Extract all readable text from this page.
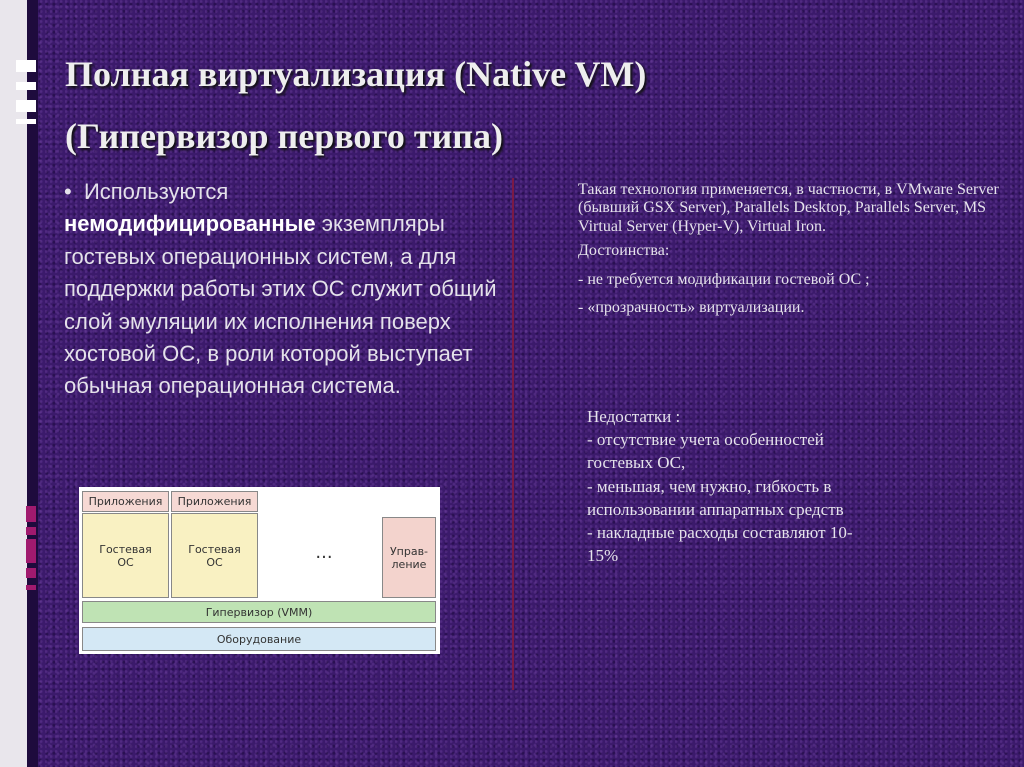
Полная виртуализация (Native VM)
(Гипервизор первого типа)
• Используются
немодифицированные экземпляры гостевых операционных систем, а для поддержки работы этих ОС служит общий слой эмуляции их исполнения поверх хостовой ОС, в роли которой выступает обычная операционная система.

Такая технология применяется, в частности, в VMware Server (бывший GSX Server), Parallels Desktop, Parallels Server, MS Virtual Server (Hyper-V), Virtual Iron.

Достоинства:

- не требуется модификации гостевой ОС ;

- «прозрачность» виртуализации.

Недостатки :
- отсутствие учета особенностей
гостевых ОС,
- меньшая, чем нужно, гибкость в
использовании аппаратных средств
- накладные расходы составляют 10-
15%
Приложения	Приложения
Гостевая ОС
Гостевая ОС	...	Управ-ление
Гипервизор (VMM)
Оборудование
